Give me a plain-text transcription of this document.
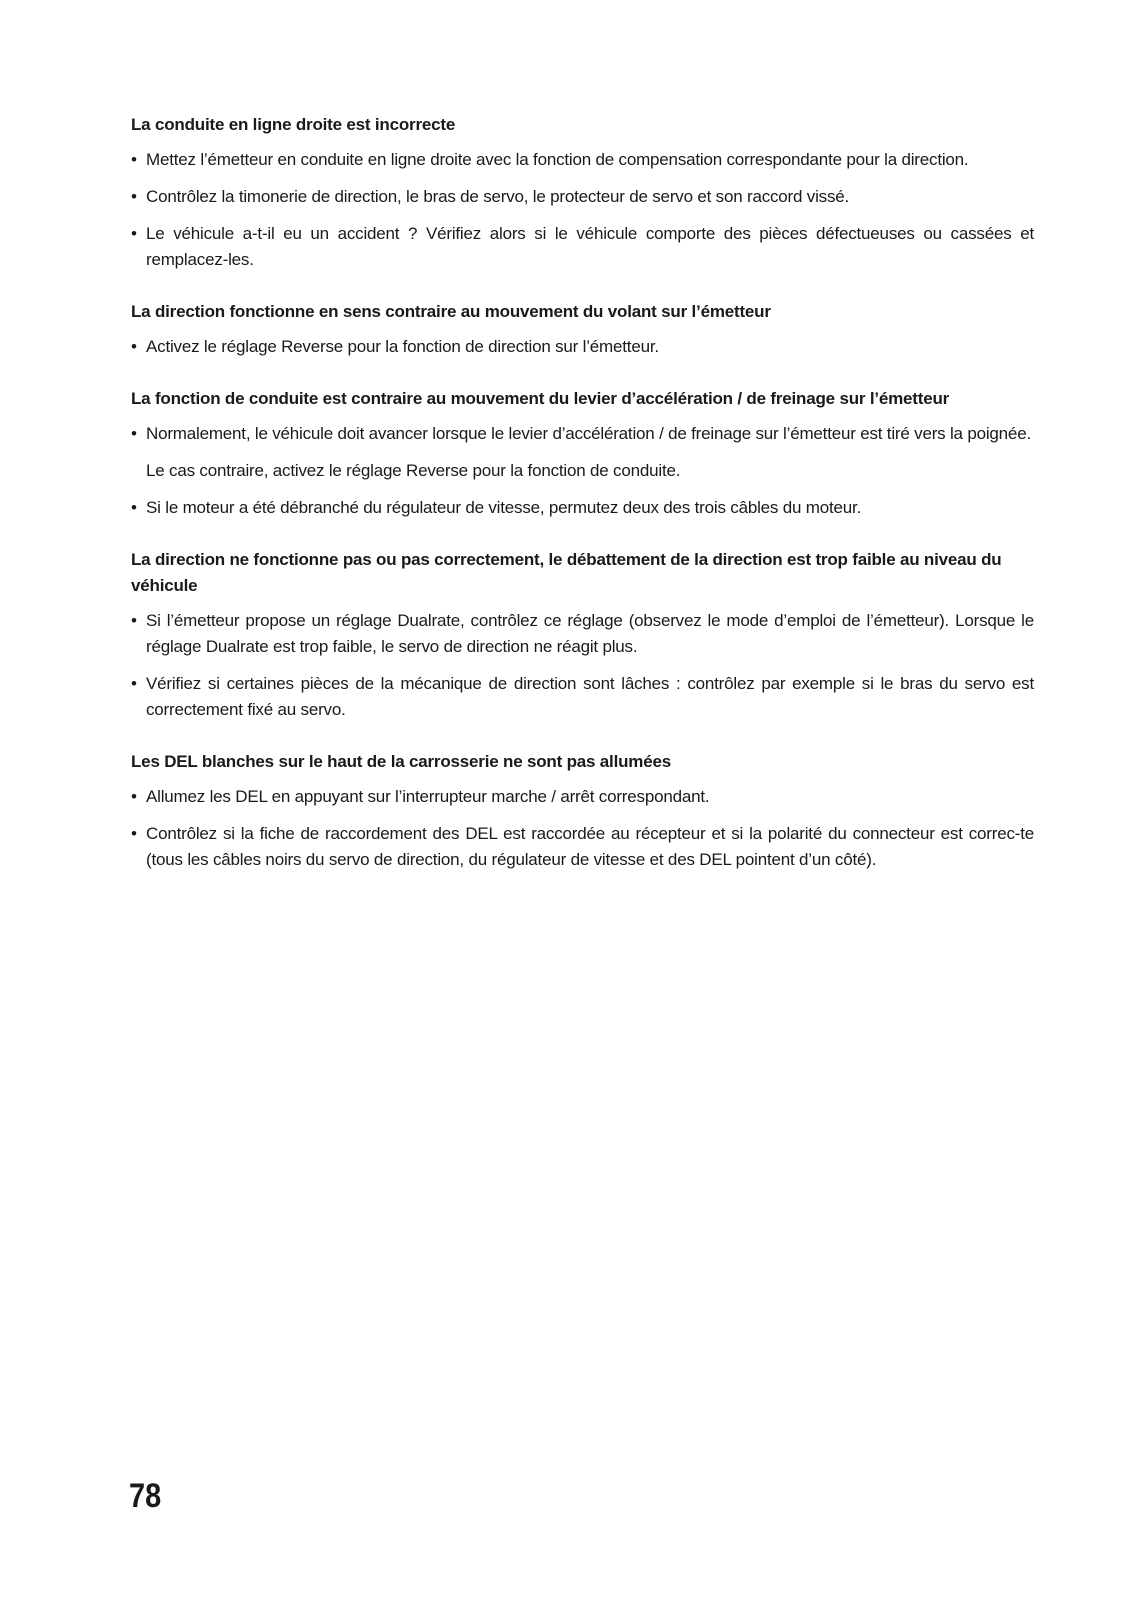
La conduite en ligne droite est incorrecte
• Mettez l’émetteur en conduite en ligne droite avec la fonction de compensation correspondante pour la direction.
• Contrôlez la timonerie de direction, le bras de servo, le protecteur de servo et son raccord vissé.
• Le véhicule a-t-il eu un accident ? Vérifiez alors si le véhicule comporte des pièces défectueuses ou cassées et remplacez-les.
La direction fonctionne en sens contraire au mouvement du volant sur l’émetteur
• Activez le réglage Reverse pour la fonction de direction sur l’émetteur.
La fonction de conduite est contraire au mouvement du levier d’accélération / de freinage sur l’émetteur
• Normalement, le véhicule doit avancer lorsque le levier d’accélération / de freinage sur l’émetteur est tiré vers la poignée.
Le cas contraire, activez le réglage Reverse pour la fonction de conduite.
• Si le moteur a été débranché du régulateur de vitesse, permutez deux des trois câbles du moteur.
La direction ne fonctionne pas ou pas correctement, le débattement de la direction est trop faible au niveau du véhicule
• Si l’émetteur propose un réglage Dualrate, contrôlez ce réglage (observez le mode d’emploi de l’émetteur). Lorsque le réglage Dualrate est trop faible, le servo de direction ne réagit plus.
• Vérifiez si certaines pièces de la mécanique de direction sont lâches : contrôlez par exemple si le bras du servo est correctement fixé au servo.
Les DEL blanches sur le haut de la carrosserie ne sont pas allumées
• Allumez les DEL en appuyant sur l’interrupteur marche / arrêt correspondant.
• Contrôlez si la fiche de raccordement des DEL est raccordée au récepteur et si la polarité du connecteur est correc-te (tous les câbles noirs du servo de direction, du régulateur de vitesse et des DEL pointent d’un côté).
78
